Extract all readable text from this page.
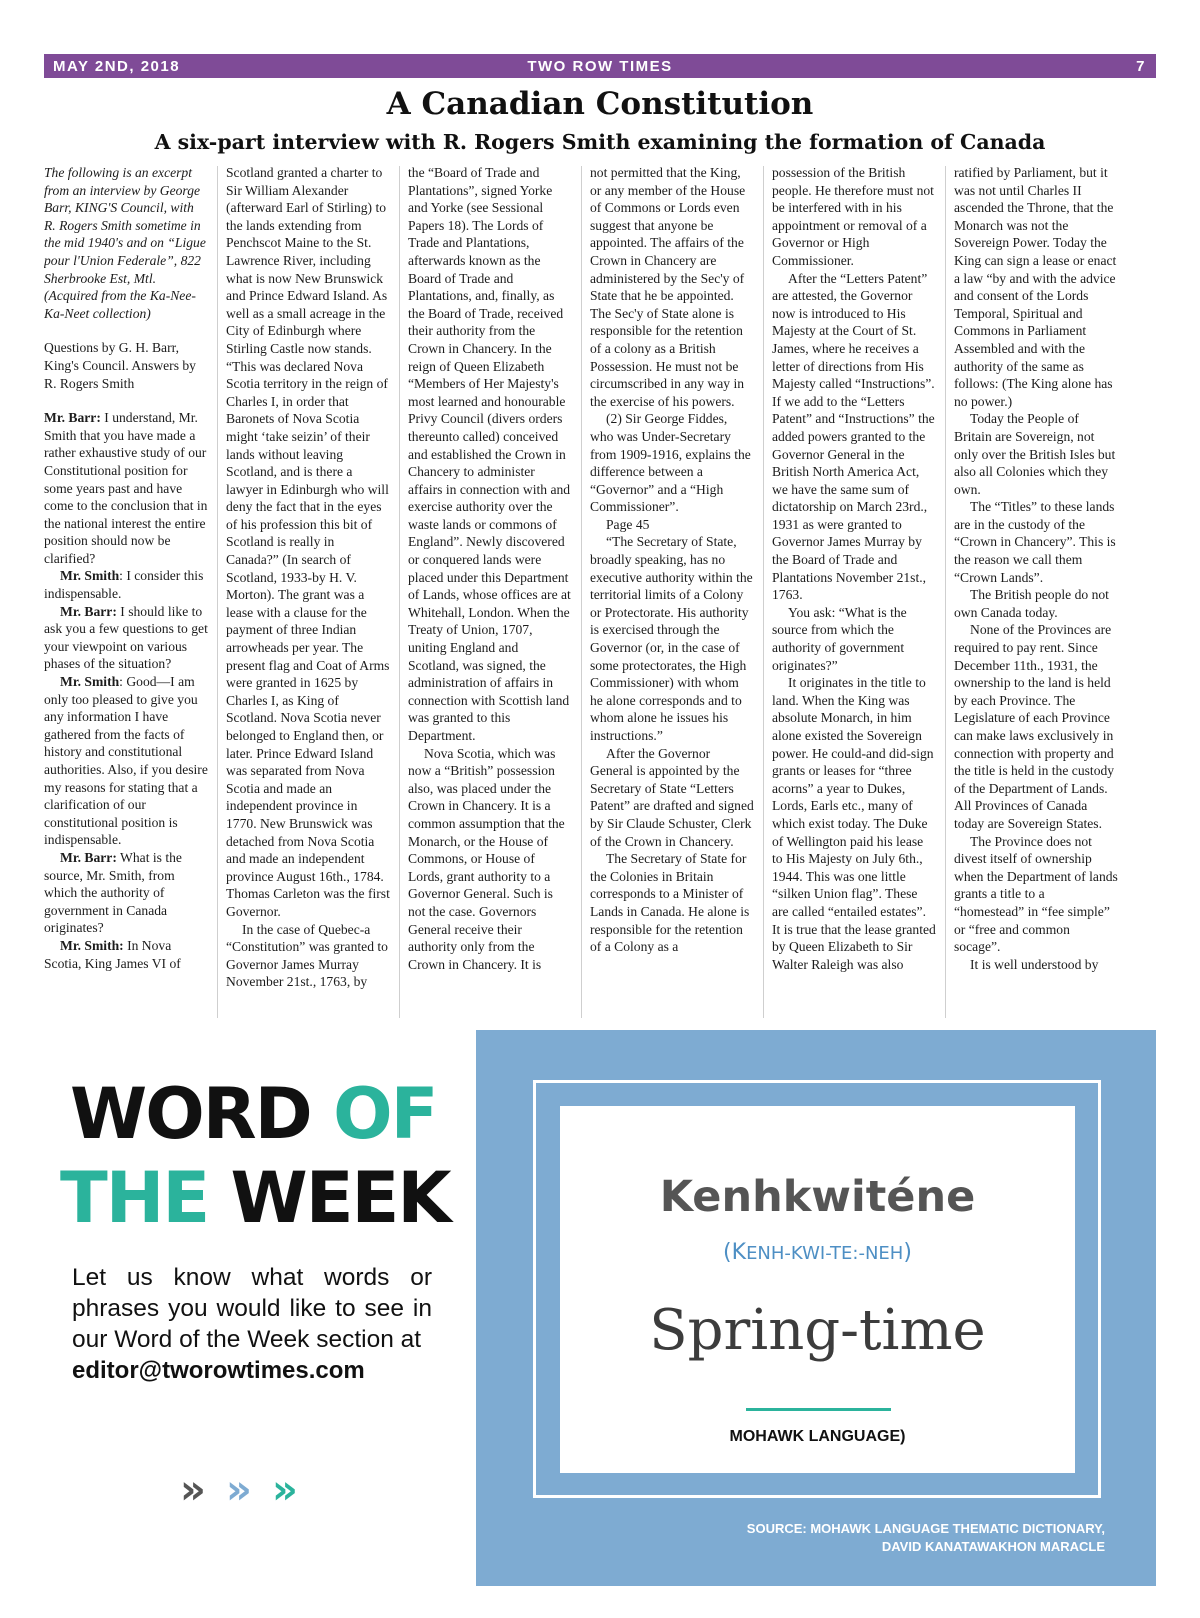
MAY 2ND, 2018	TWO ROW TIMES	7
A Canadian Constitution
A six-part interview with R. Rogers Smith examining the formation of Canada

The following is an excerpt from an interview by George Barr, KING'S Council, with R. Rogers Smith sometime in the mid 1940's and on “Ligue pour l'Union Federale”, 822 Sherbrooke Est, Mtl. (Acquired from the Ka-Nee-Ka-Neet collection)

Questions by G. H. Barr, King's Council. Answers by R. Rogers Smith

Mr. Barr: I understand, Mr. Smith that you have made a rather exhaustive study of our Constitutional position for some years past and have come to the conclusion that in the national interest the entire position should now be clarified?

Mr. Smith: I consider this indispensable.

Mr. Barr: I should like to ask you a few questions to get your viewpoint on various phases of the situation?

Mr. Smith: Good—I am only too pleased to give you any information I have gathered from the facts of history and constitutional authorities. Also, if you desire my reasons for stating that a clarification of our constitutional position is indispensable.

Mr. Barr: What is the source, Mr. Smith, from which the authority of government in Canada originates?

Mr. Smith: In Nova Scotia, King James VI of

Scotland granted a charter to Sir William Alexander (afterward Earl of Stirling) to the lands extending from Penchscot Maine to the St. Lawrence River, including what is now New Brunswick and Prince Edward Island. As well as a small acreage in the City of Edinburgh where Stirling Castle now stands. “This was declared Nova Scotia territory in the reign of Charles I, in order that Baronets of Nova Scotia might ‘take seizin’ of their lands without leaving Scotland, and is there a lawyer in Edinburgh who will deny the fact that in the eyes of his profession this bit of Scotland is really in Canada?” (In search of Scotland, 1933-by H. V. Morton). The grant was a lease with a clause for the payment of three Indian arrowheads per year. The present flag and Coat of Arms were granted in 1625 by Charles I, as King of Scotland. Nova Scotia never belonged to England then, or later. Prince Edward Island was separated from Nova Scotia and made an independent province in 1770. New Brunswick was detached from Nova Scotia and made an independent province August 16th., 1784. Thomas Carleton was the first Governor.

In the case of Quebec-a “Constitution” was granted to Governor James Murray November 21st., 1763, by

the “Board of Trade and Plantations”, signed Yorke and Yorke (see Sessional Papers 18). The Lords of Trade and Plantations, afterwards known as the Board of Trade and Plantations, and, finally, as the Board of Trade, received their authority from the Crown in Chancery. In the reign of Queen Elizabeth “Members of Her Majesty's most learned and honourable Privy Council (divers orders thereunto called) conceived and established the Crown in Chancery to administer affairs in connection with and exercise authority over the waste lands or commons of England”. Newly discovered or conquered lands were placed under this Department of Lands, whose offices are at Whitehall, London. When the Treaty of Union, 1707, uniting England and Scotland, was signed, the administration of affairs in connection with Scottish land was granted to this Department.

Nova Scotia, which was now a “British” possession also, was placed under the Crown in Chancery. It is a common assumption that the Monarch, or the House of Commons, or House of Lords, grant authority to a Governor General. Such is not the case. Governors General receive their authority only from the Crown in Chancery. It is

not permitted that the King, or any member of the House of Commons or Lords even suggest that anyone be appointed. The affairs of the Crown in Chancery are administered by the Sec'y of State that he be appointed. The Sec'y of State alone is responsible for the retention of a colony as a British Possession. He must not be circumscribed in any way in the exercise of his powers.

(2) Sir George Fiddes, who was Under-Secretary from 1909-1916, explains the difference between a “Governor” and a “High Commissioner”.

Page 45

“The Secretary of State, broadly speaking, has no executive authority within the territorial limits of a Colony or Protectorate. His authority is exercised through the Governor (or, in the case of some protectorates, the High Commissioner) with whom he alone corresponds and to whom alone he issues his instructions.”

After the Governor General is appointed by the Secretary of State “Letters Patent” are drafted and signed by Sir Claude Schuster, Clerk of the Crown in Chancery.

The Secretary of State for the Colonies in Britain corresponds to a Minister of Lands in Canada. He alone is responsible for the retention of a Colony as a

possession of the British people. He therefore must not be interfered with in his appointment or removal of a Governor or High Commissioner.

After the “Letters Patent” are attested, the Governor now is introduced to His Majesty at the Court of St. James, where he receives a letter of directions from His Majesty called “Instructions”. If we add to the “Letters Patent” and “Instructions” the added powers granted to the Governor General in the British North America Act, we have the same sum of dictatorship on March 23rd., 1931 as were granted to Governor James Murray by the Board of Trade and Plantations November 21st., 1763.

You ask: “What is the source from which the authority of government originates?”

It originates in the title to land. When the King was absolute Monarch, in him alone existed the Sovereign power. He could-and did-sign grants or leases for “three acorns” a year to Dukes, Lords, Earls etc., many of which exist today. The Duke of Wellington paid his lease to His Majesty on July 6th., 1944. This was one little “silken Union flag”. These are called “entailed estates”. It is true that the lease granted by Queen Elizabeth to Sir Walter Raleigh was also

ratified by Parliament, but it was not until Charles II ascended the Throne, that the Monarch was not the Sovereign Power. Today the King can sign a lease or enact a law “by and with the advice and consent of the Lords Temporal, Spiritual and Commons in Parliament Assembled and with the authority of the same as follows: (The King alone has no power.)

Today the People of Britain are Sovereign, not only over the British Isles but also all Colonies which they own.

The “Titles” to these lands are in the custody of the “Crown in Chancery”. This is the reason we call them “Crown Lands”.

The British people do not own Canada today.

None of the Provinces are required to pay rent. Since December 11th., 1931, the ownership to the land is held by each Province. The Legislature of each Province can make laws exclusively in connection with property and the title is held in the custody of the Department of Lands. All Provinces of Canada today are Sovereign States.

The Province does not divest itself of ownership when the Department of lands grants a title to a “homestead” in “fee simple” or “free and common socage”.

It is well understood by

WORD OF
THE WEEK
Let us know what words or phrases you would like to see in our Word of the Week section at
editor@tworowtimes.com
» » »
Kenhkwiténe
(KENH-KWI-TE:-NEH)
Spring-time
MOHAWK LANGUAGE)
SOURCE: MOHAWK LANGUAGE THEMATIC DICTIONARY,
DAVID KANATAWAKHON MARACLE
